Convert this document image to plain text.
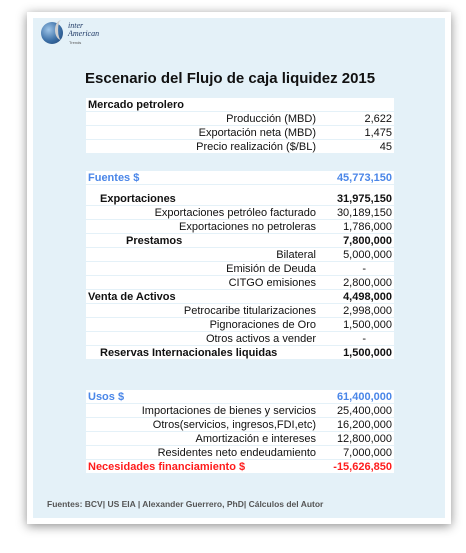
inter
American
Trends
Escenario del Flujo de caja liquidez 2015
Mercado petrolero
Producción (MBD)	2,622
Exportación neta (MBD)	1,475
Precio realización ($/BL)	45
Fuentes $	45,773,150
Exportaciones	31,975,150
Exportaciones petróleo facturado 30,189,150
Exportaciones no petroleras 1,786,000
Prestamos	7,800,000
Bilateral 5,000,000
Emisión de Deuda	-
CITGO emisiones 2,800,000
Venta de Activos	4,498,000
Petrocaribe titularizaciones 2,998,000
Pignoraciones de Oro 1,500,000
Otros activos a vender	-
Reservas Internacionales liquidas	1,500,000
Usos $	61,400,000
Importaciones de bienes y servicios 25,400,000
Otros(servicios, ingresos,FDI,etc) 16,200,000
Amortización e intereses 12,800,000
Residentes neto endeudamiento 7,000,000
Necesidades financiamiento $	-15,626,850
Fuentes: BCV| US EIA | Alexander Guerrero, PhD| Cálculos del Autor
